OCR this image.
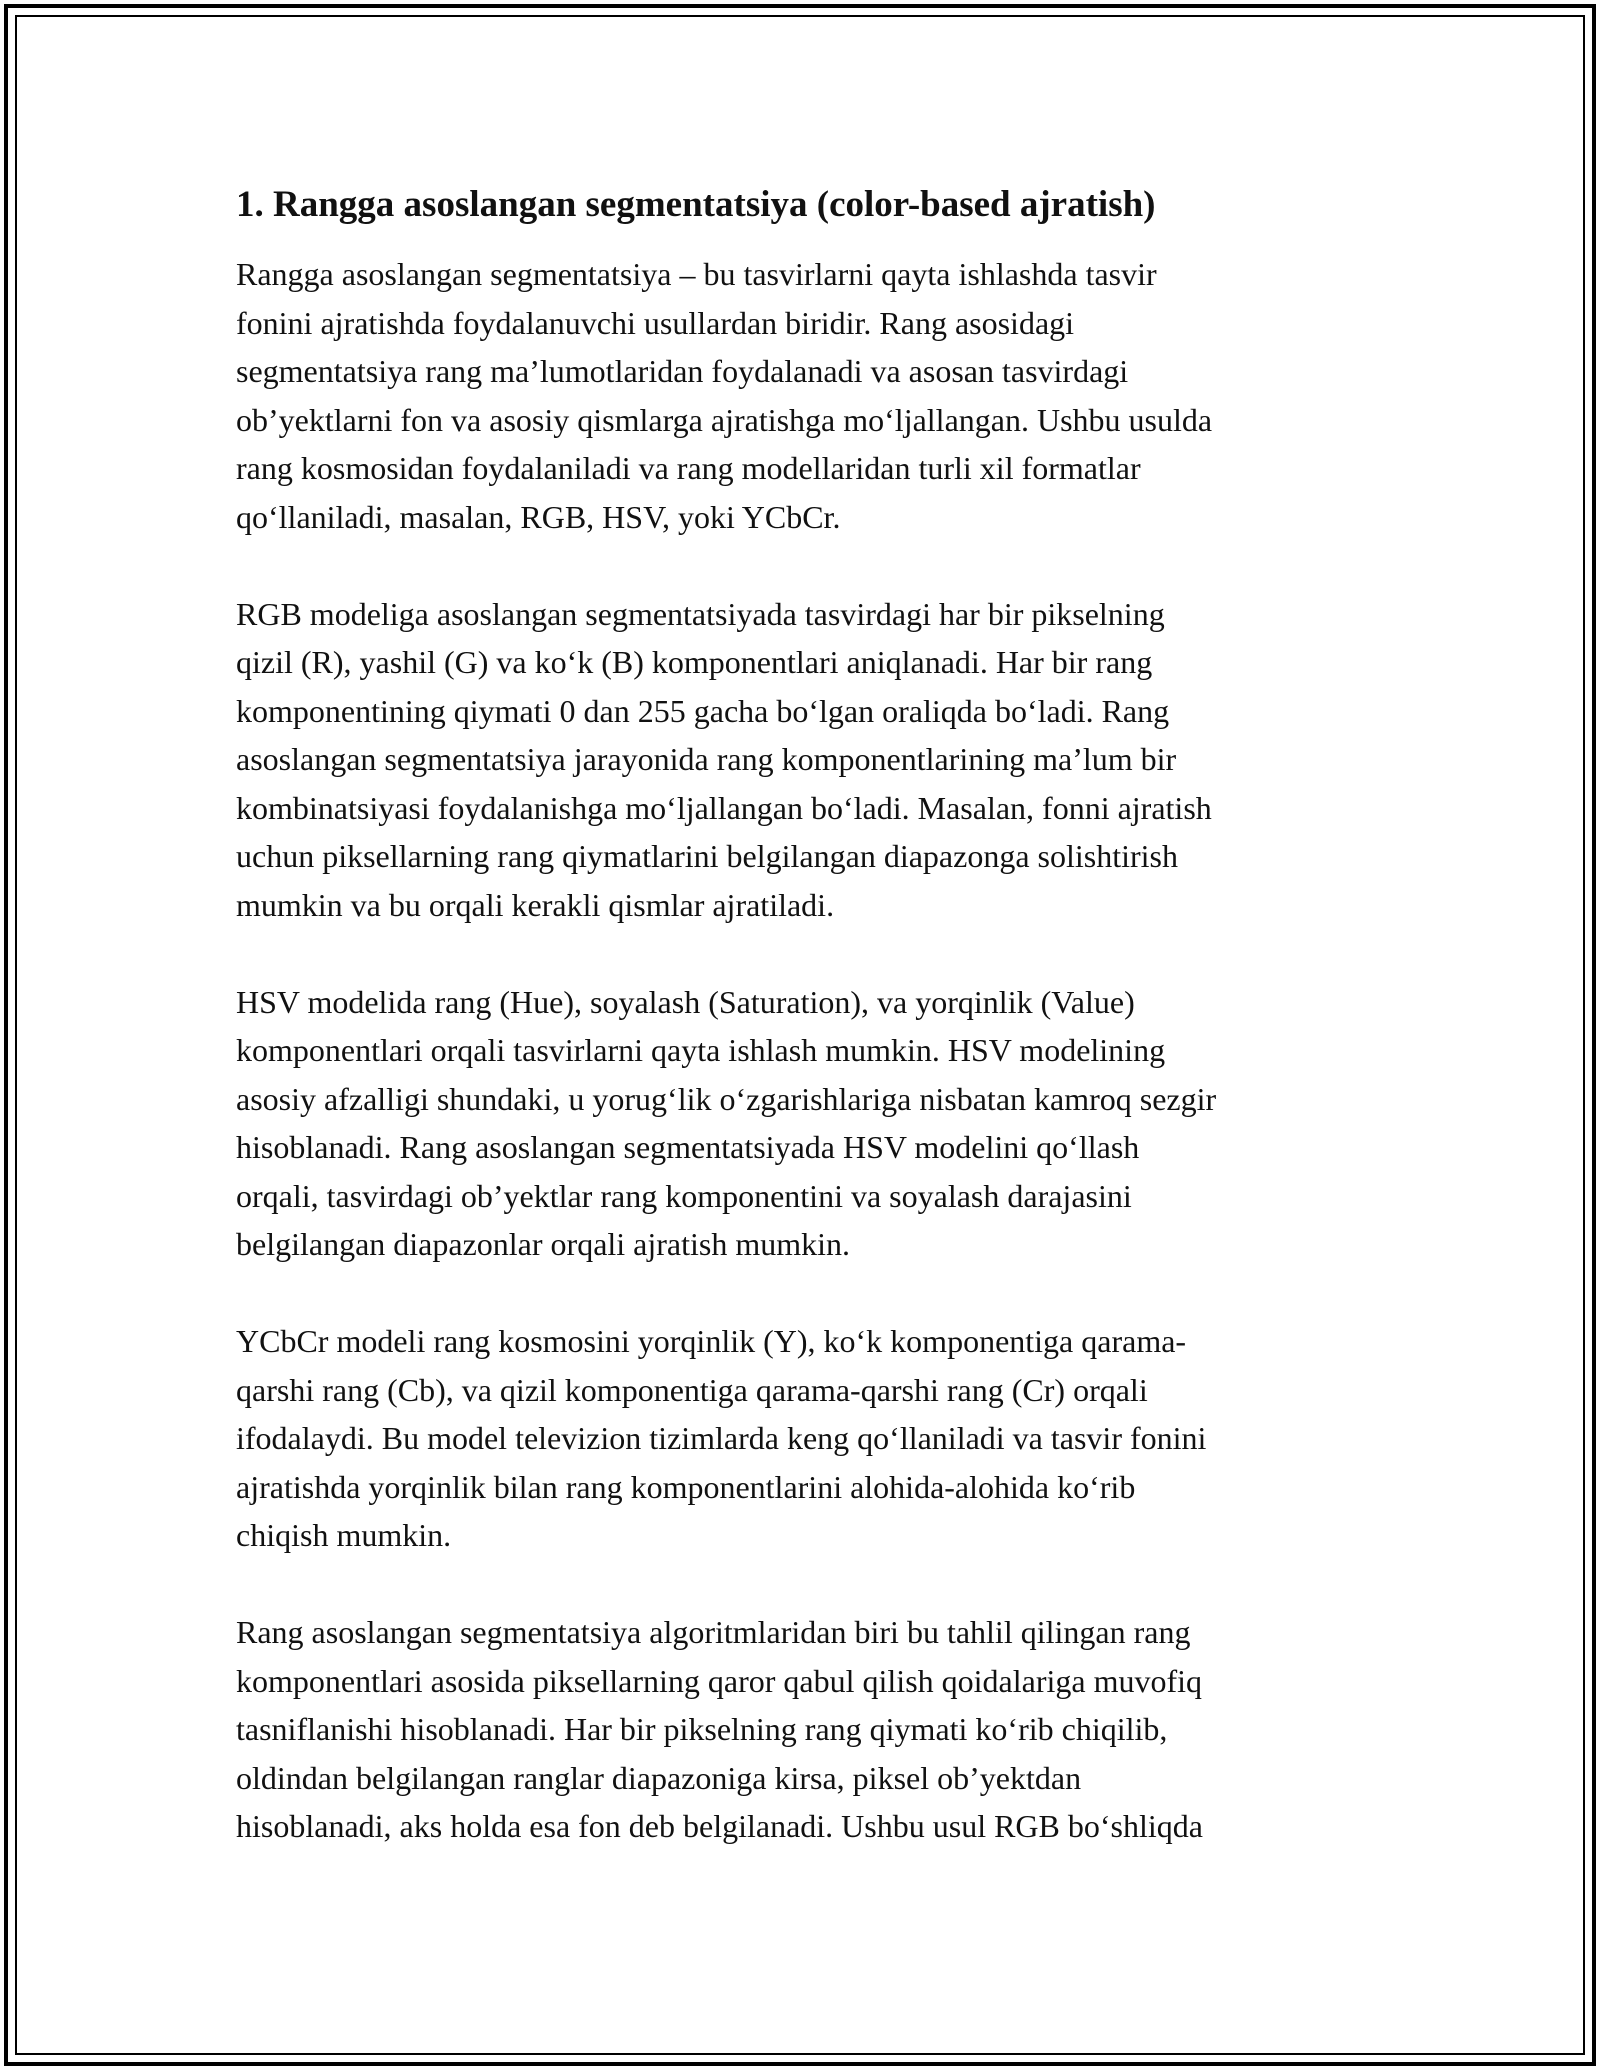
1. Rangga asoslangan segmentatsiya (color-based ajratish)

Rangga asoslangan segmentatsiya – bu tasvirlarni qayta ishlashda tasvir
fonini ajratishda foydalanuvchi usullardan biridir. Rang asosidagi
segmentatsiya rang ma’lumotlaridan foydalanadi va asosan tasvirdagi
ob’yektlarni fon va asosiy qismlarga ajratishga mo‘ljallangan. Ushbu usulda
rang kosmosidan foydalaniladi va rang modellaridan turli xil formatlar
qo‘llaniladi, masalan, RGB, HSV, yoki YCbCr.

RGB modeliga asoslangan segmentatsiyada tasvirdagi har bir pikselning
qizil (R), yashil (G) va ko‘k (B) komponentlari aniqlanadi. Har bir rang
komponentining qiymati 0 dan 255 gacha bo‘lgan oraliqda bo‘ladi. Rang
asoslangan segmentatsiya jarayonida rang komponentlarining ma’lum bir
kombinatsiyasi foydalanishga mo‘ljallangan bo‘ladi. Masalan, fonni ajratish
uchun piksellarning rang qiymatlarini belgilangan diapazonga solishtirish
mumkin va bu orqali kerakli qismlar ajratiladi.

HSV modelida rang (Hue), soyalash (Saturation), va yorqinlik (Value)
komponentlari orqali tasvirlarni qayta ishlash mumkin. HSV modelining
asosiy afzalligi shundaki, u yorug‘lik o‘zgarishlariga nisbatan kamroq sezgir
hisoblanadi. Rang asoslangan segmentatsiyada HSV modelini qo‘llash
orqali, tasvirdagi ob’yektlar rang komponentini va soyalash darajasini
belgilangan diapazonlar orqali ajratish mumkin.

YCbCr modeli rang kosmosini yorqinlik (Y), ko‘k komponentiga qarama-
qarshi rang (Cb), va qizil komponentiga qarama-qarshi rang (Cr) orqali
ifodalaydi. Bu model televizion tizimlarda keng qo‘llaniladi va tasvir fonini
ajratishda yorqinlik bilan rang komponentlarini alohida-alohida ko‘rib
chiqish mumkin.

Rang asoslangan segmentatsiya algoritmlaridan biri bu tahlil qilingan rang
komponentlari asosida piksellarning qaror qabul qilish qoidalariga muvofiq
tasniflanishi hisoblanadi. Har bir pikselning rang qiymati ko‘rib chiqilib,
oldindan belgilangan ranglar diapazoniga kirsa, piksel ob’yektdan
hisoblanadi, aks holda esa fon deb belgilanadi. Ushbu usul RGB bo‘shliqda
